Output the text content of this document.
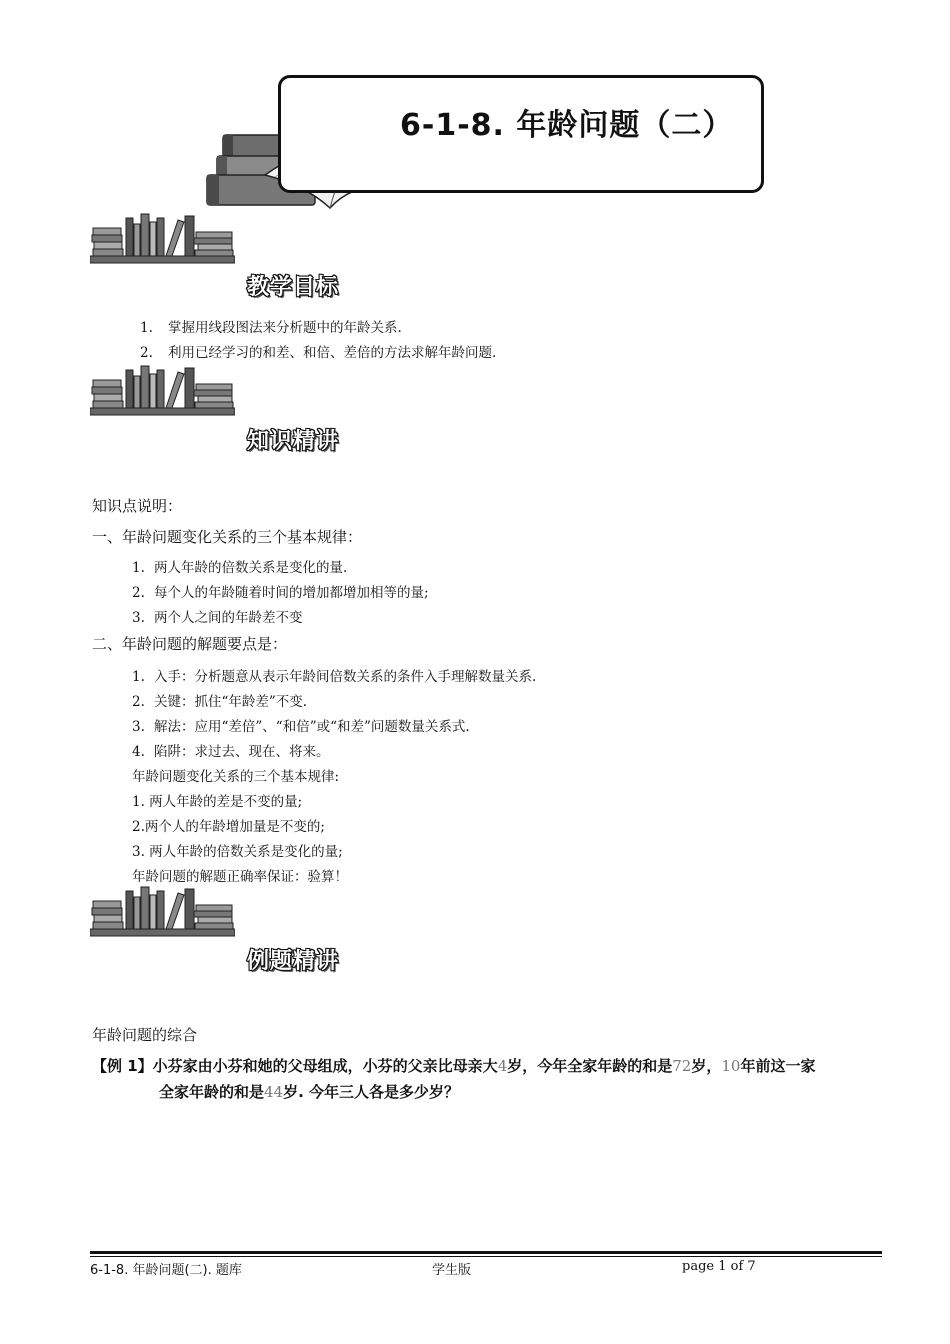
6-1-8. 年龄问题（二）
教学目标
1. 掌握用线段图法来分析题中的年龄关系.
2. 利用已经学习的和差、和倍、差倍的方法求解年龄问题.
知识精讲
知识点说明：
一、年龄问题变化关系的三个基本规律：
1. 两人年龄的倍数关系是变化的量.
2. 每个人的年龄随着时间的增加都增加相等的量;
3. 两个人之间的年龄差不变
二、年龄问题的解题要点是：
1. 入手：分析题意从表示年龄间倍数关系的条件入手理解数量关系.
2. 关键：抓住“年龄差”不变.
3. 解法：应用“差倍”、“和倍”或“和差”问题数量关系式.
4. 陷阱：求过去、现在、将来。
年龄问题变化关系的三个基本规律:
1. 两人年龄的差是不变的量;
2.两个人的年龄增加量是不变的;
3. 两人年龄的倍数关系是变化的量;
年龄问题的解题正确率保证：验算！
例题精讲
年龄问题的综合
【例 1】小芬家由小芬和她的父母组成，小芬的父亲比母亲大4岁，今年全家年龄的和是72岁，10年前这一家
全家年龄的和是44岁. 今年三人各是多少岁？
6-1-8. 年龄问题(二). 题库	学生版	page 1 of 7
